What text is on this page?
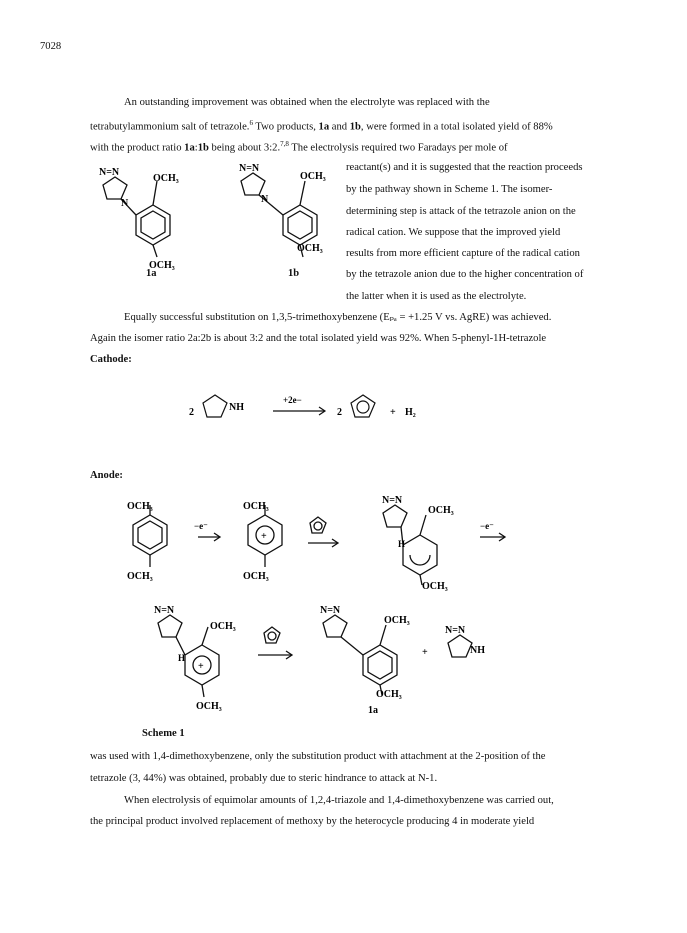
7028
An outstanding improvement was obtained when the electrolyte was replaced with the
tetrabutylammonium salt of tetrazole.$^6$ Two products, 1a and 1b, were formed in a total isolated yield of 88%
with the product ratio 1a:1b being about 3:2.$^{7,8}$ The electrolysis required two Faradays per mole of
reactant(s) and it is suggested that the reaction proceeds
by the pathway shown in Scheme 1. The isomer-
determining step is attack of the tetrazole anion on the
radical cation. We suppose that the improved yield
results from more efficient capture of the radical cation
by the tetrazole anion due to the higher concentration of
the latter when it is used as the electrolyte.
N=N
N
OCH₃
OCH₃
N=N
N
OCH₃
OCH₃
1a	1b
Equally successful substitution on 1,3,5-trimethoxybenzene (Eₚₐ = +1.25 V vs. AgRE) was achieved.
Again the isomer ratio 2a:2b is about 3:2 and the total isolated yield was 92%. When 5-phenyl-1H-tetrazole
Cathode:
2	NH
+2e−
2	+ H₂
Anode:
OCH₃
OCH₃
−e⁻
OCH₃
+
OCH₃
N=N
H
OCH₃
OCH₃
−e⁻
N=N
OCH₃
H
+
OCH₃
N=N
OCH₃
OCH₃
+
N=N
NH
1a
Scheme 1
was used with 1,4-dimethoxybenzene, only the substitution product with attachment at the 2-position of the
tetrazole (3, 44%) was obtained, probably due to steric hindrance to attack at N-1.
When electrolysis of equimolar amounts of 1,2,4-triazole and 1,4-dimethoxybenzene was carried out,
the principal product involved replacement of methoxy by the heterocycle producing 4 in moderate yield
